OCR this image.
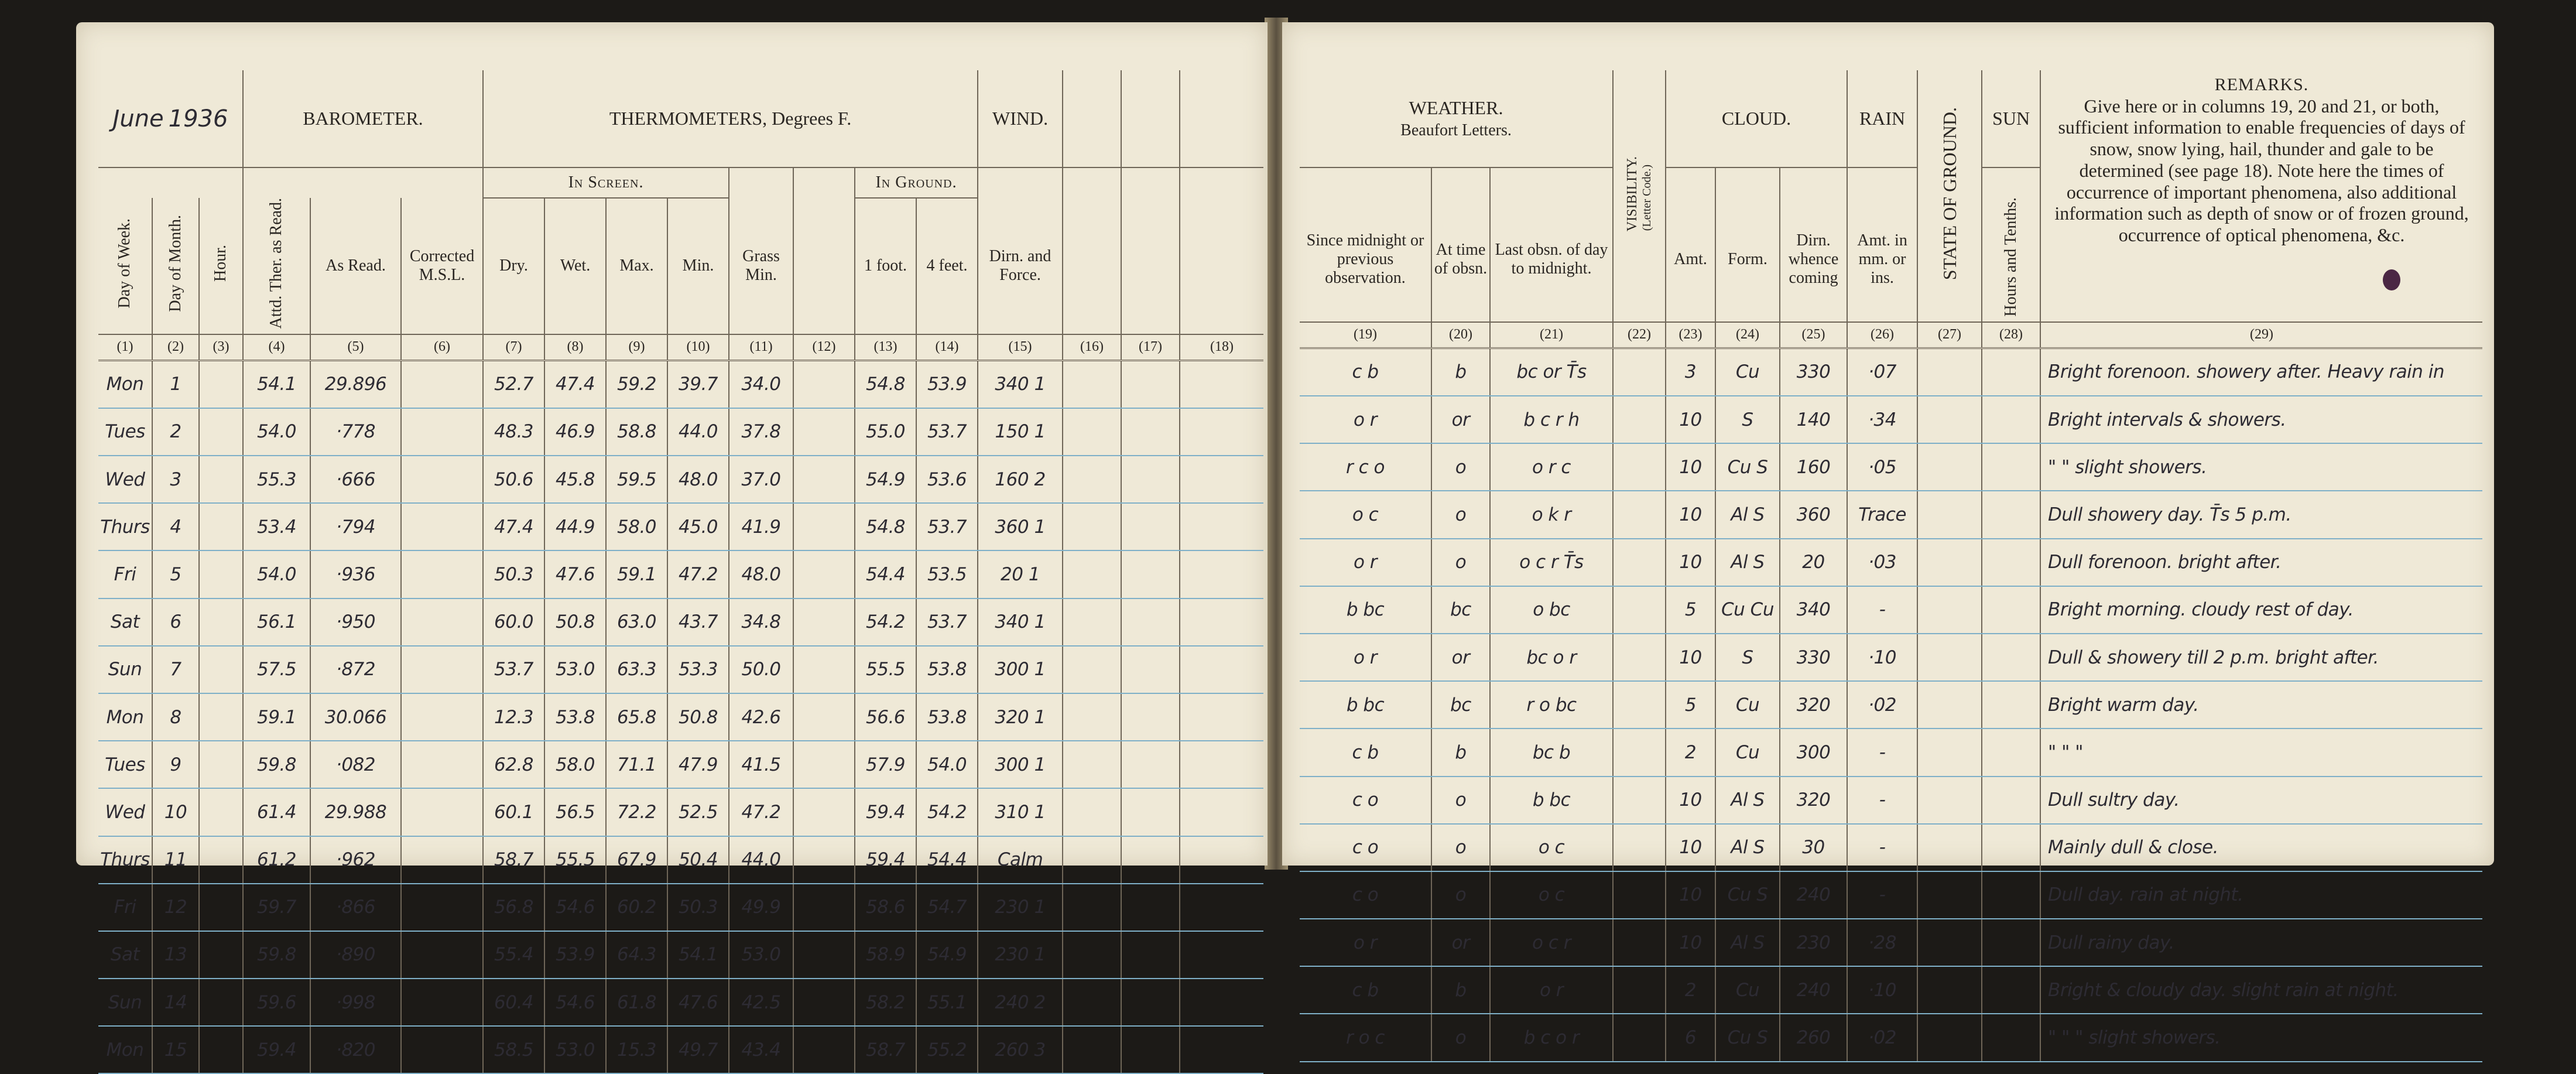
June 1936			BAROMETER.			THERMOMETERS, Degrees F.								WIND.			
						In Screen.						In Ground.					
Day of Week.	Day of Month.	Hour.	Attd. Ther. as Read.	As Read.	Corrected M.S.L.	Dry.	Wet.	Max.	Min.	Grass Min.		1 foot.	4 feet.	Dirn. and Force.			
(1)	(2)	(3)	(4)	(5)	(6)	(7)	(8)	(9)	(10)	(11)	(12)	(13)	(14)	(15)	(16)	(17)	(18)
Mon	1		54.1	29.896		52.7	47.4	59.2	39.7	34.0		54.8	53.9	340 1			
Tues	2		54.0	·778		48.3	46.9	58.8	44.0	37.8		55.0	53.7	150 1			
Wed	3		55.3	·666		50.6	45.8	59.5	48.0	37.0		54.9	53.6	160 2			
Thurs	4		53.4	·794		47.4	44.9	58.0	45.0	41.9		54.8	53.7	360 1			
Fri	5		54.0	·936		50.3	47.6	59.1	47.2	48.0		54.4	53.5	20 1			
Sat	6		56.1	·950		60.0	50.8	63.0	43.7	34.8		54.2	53.7	340 1			
Sun	7		57.5	·872		53.7	53.0	63.3	53.3	50.0		55.5	53.8	300 1			
Mon	8		59.1	30.066		12.3	53.8	65.8	50.8	42.6		56.6	53.8	320 1			
Tues	9		59.8	·082		62.8	58.0	71.1	47.9	41.5		57.9	54.0	300 1			
Wed	10		61.4	29.988		60.1	56.5	72.2	52.5	47.2		59.4	54.2	310 1			
Thurs	11		61.2	·962		58.7	55.5	67.9	50.4	44.0		59.4	54.4	Calm			
Fri	12		59.7	·866		56.8	54.6	60.2	50.3	49.9		58.6	54.7	230 1			
Sat	13		59.8	·890		55.4	53.9	64.3	54.1	53.0		58.9	54.9	230 1			
Sun	14		59.6	·998		60.4	54.6	61.8	47.6	42.5		58.2	55.1	240 2			
Mon	15		59.4	·820		58.5	53.0	15.3	49.7	43.4		58.7	55.2	260 3			
WEATHER.
Beaufort Letters.			VISIBILITY.(Letter Code.)	CLOUD.			RAIN	STATE OF GROUND.	SUN	REMARKS.
Give here or in columns 19, 20 and 21, or both, sufficient information to enable frequencies of days of snow, snow lying, hail, thunder and gale to be determined (see page 18). Note here the times of occurrence of important phenomena, also additional information such as depth of snow or of frozen ground, occurrence of optical phenomena, &c.

Since midnight or previous observation.	At time of obsn.	Last obsn. of day to midnight.		Amt.	Form.	Dirn. whence coming	Amt. in mm. or ins.		Hours and Tenths.	
(19)	(20)	(21)	(22)	(23)	(24)	(25)	(26)	(27)	(28)	(29)
c b	b	bc or T̄s		3	Cu	330	·07			Bright forenoon. showery after. Heavy rain in
o r	or	b c r h		10	S	140	·34			Bright intervals & showers.
r c o	o	o r c		10	Cu S	160	·05			" " slight showers.
o c	o	o k r		10	Al S	360	Trace			Dull showery day. T̄s 5 p.m.
o r	o	o c r T̄s		10	Al S	20	·03			Dull forenoon. bright after.
b bc	bc	o bc		5	Cu Cu	340	-			Bright morning. cloudy rest of day.
o r	or	bc o r		10	S	330	·10			Dull & showery till 2 p.m. bright after.
b bc	bc	r o bc		5	Cu	320	·02			Bright warm day.
c b	b	bc b		2	Cu	300	-			" " "
c o	o	b bc		10	Al S	320	-			Dull sultry day.
c o	o	o c		10	Al S	30	-			Mainly dull & close.
c o	o	o c		10	Cu S	240	-			Dull day. rain at night.
o r	or	o c r		10	Al S	230	·28			Dull rainy day.
c b	b	o r		2	Cu	240	·10			Bright & cloudy day. slight rain at night.
r o c	o	b c o r		6	Cu S	260	·02			" " " slight showers.
